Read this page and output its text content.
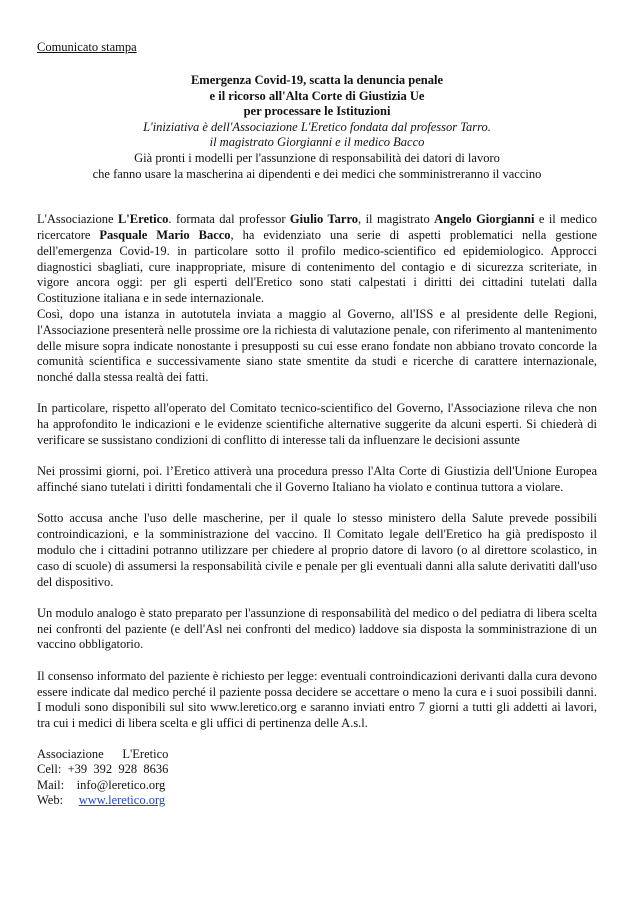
Comunicato stampa
Emergenza Covid-19, scatta la denuncia penale
e il ricorso all'Alta Corte di Giustizia Ue
per processare le Istituzioni
L'iniziativa è dell'Associazione L'Eretico fondata dal professor Tarro.
il magistrato Giorgianni e il medico Bacco
Già pronti i modelli per l'assunzione di responsabilità dei datori di lavoro
che fanno usare la mascherina ai dipendenti e dei medici che somministreranno il vaccino

L'Associazione L'Eretico. formata dal professor Giulio Tarro, il magistrato Angelo Giorgianni e il medico ricercatore Pasquale Mario Bacco, ha evidenziato una serie di aspetti problematici nella gestione dell'emergenza Covid-19. in particolare sotto il profilo medico-scientifico ed epidemiologico. Approcci diagnostici sbagliati, cure inappropriate, misure di contenimento del contagio e di sicurezza scriteriate, in vigore ancora oggi: per gli esperti dell'Eretico sono stati calpestati i diritti dei cittadini tutelati dalla Costituzione italiana e in sede internazionale.

Così, dopo una istanza in autotutela inviata a maggio al Governo, all'ISS e al presidente delle Regioni, l'Associazione presenterà nelle prossime ore la richiesta di valutazione penale, con riferimento al mantenimento delle misure sopra indicate nonostante i presupposti su cui esse erano fondate non abbiano trovato concorde la comunità scientifica e successivamente siano state smentite da studi e ricerche di carattere internazionale, nonché dalla stessa realtà dei fatti.

In particolare, rispetto all'operato del Comitato tecnico-scientifico del Governo, l'Associazione rileva che non ha approfondito le indicazioni e le evidenze scientifiche alternative suggerite da alcuni esperti. Si chiederà di verificare se sussistano condizioni di conflitto di interesse tali da influenzare le decisioni assunte

Nei prossimi giorni, poi. l’Eretico attiverà una procedura presso l'Alta Corte di Giustizia dell'Unione Europea affinché siano tutelati i diritti fondamentali che il Governo Italiano ha violato e continua tuttora a violare.

Sotto accusa anche l'uso delle mascherine, per il quale lo stesso ministero della Salute prevede possibili controindicazioni, e la somministrazione del vaccino. Il Comitato legale dell'Eretico ha già predisposto il modulo che i cittadini potranno utilizzare per chiedere al proprio datore di lavoro (o al direttore scolastico, in caso di scuole) di assumersi la responsabilità civile e penale per gli eventuali danni alla salute derivatiti dall'uso del dispositivo.

Un modulo analogo è stato preparato per l'assunzione di responsabilità del medico o del pediatra di libera scelta nei confronti del paziente (e dell'Asl nei confronti del medico) laddove sia disposta la somministrazione di un vaccino obbligatorio.

Il consenso informato del paziente è richiesto per legge: eventuali controindicazioni derivanti dalla cura devono essere indicate dal medico perché il paziente possa decidere se accettare o meno la cura e i suoi possibili danni. I moduli sono disponibili sul sito www.leretico.org e saranno inviati entro 7 giorni a tutti gli addetti ai lavori, tra cui i medici di libera scelta e gli uffici di pertinenza delle A.s.l.

Associazione L'Eretico
Cell: +39  392  928  8636
Mail: info@leretico.org
Web: www.leretico.org
